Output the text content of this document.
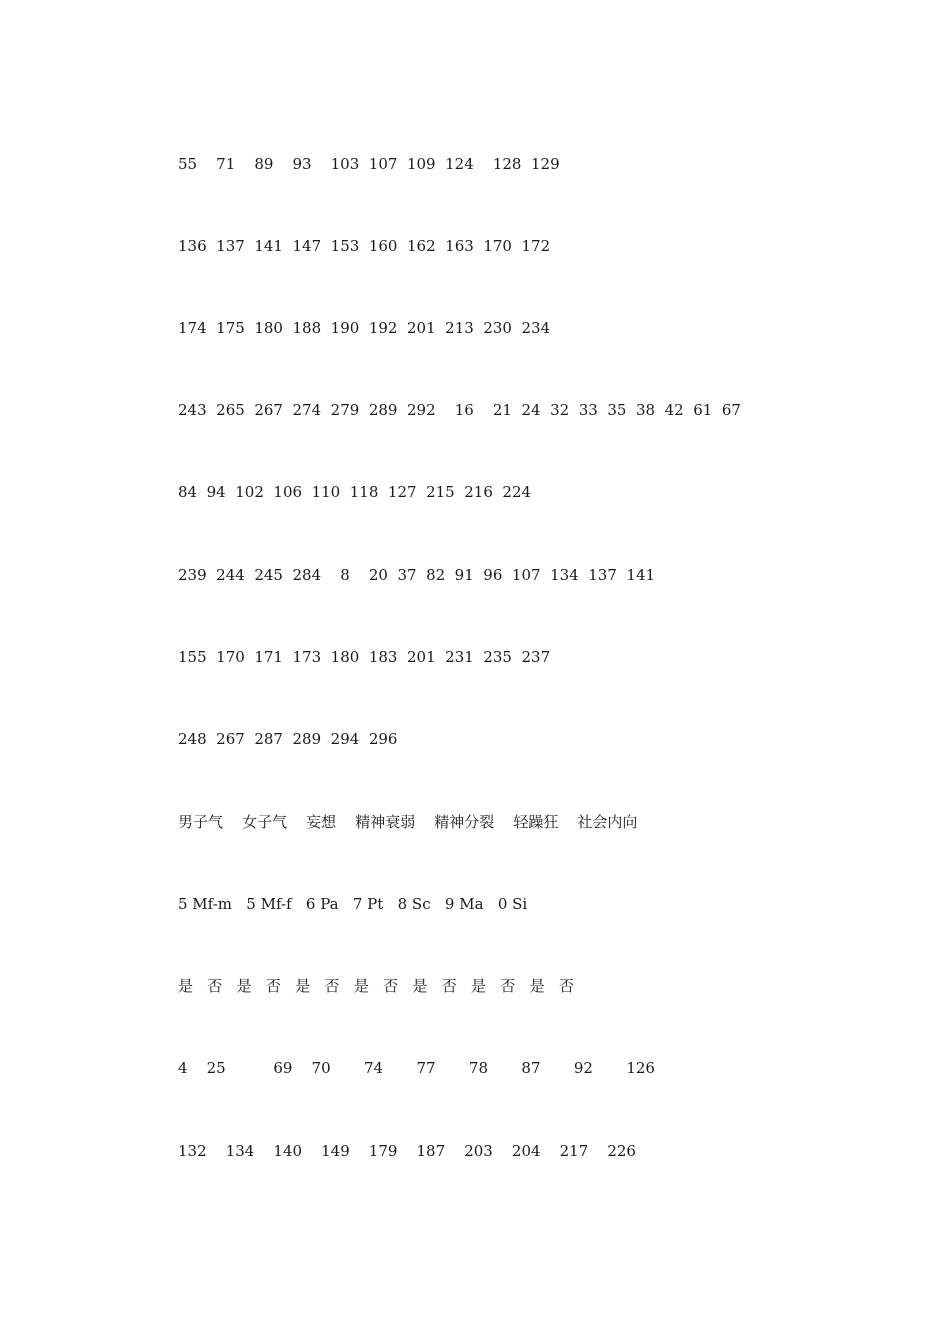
55    71    89    93    103  107  109  124    128  129
136  137  141  147  153  160  162  163  170  172
174  175  180  188  190  192  201  213  230  234
243  265  267  274  279  289  292    16    21  24  32  33  35  38  42  61  67
84  94  102  106  110  118  127  215  216  224
239  244  245  284    8    20  37  82  91  96  107  134  137  141
155  170  171  173  180  183  201  231  235  237
248  267  287  289  294  296
男子气    女子气    妄想    精神衰弱    精神分裂    轻躁狂    社会内向
5 Mf-m   5 Mf-f   6 Pa   7 Pt   8 Sc   9 Ma   0 Si
是   否   是   否   是   否   是   否   是   否   是   否   是   否
4    25          69    70       74       77       78       87       92       126
132    134    140    149    179    187    203    204    217    226
